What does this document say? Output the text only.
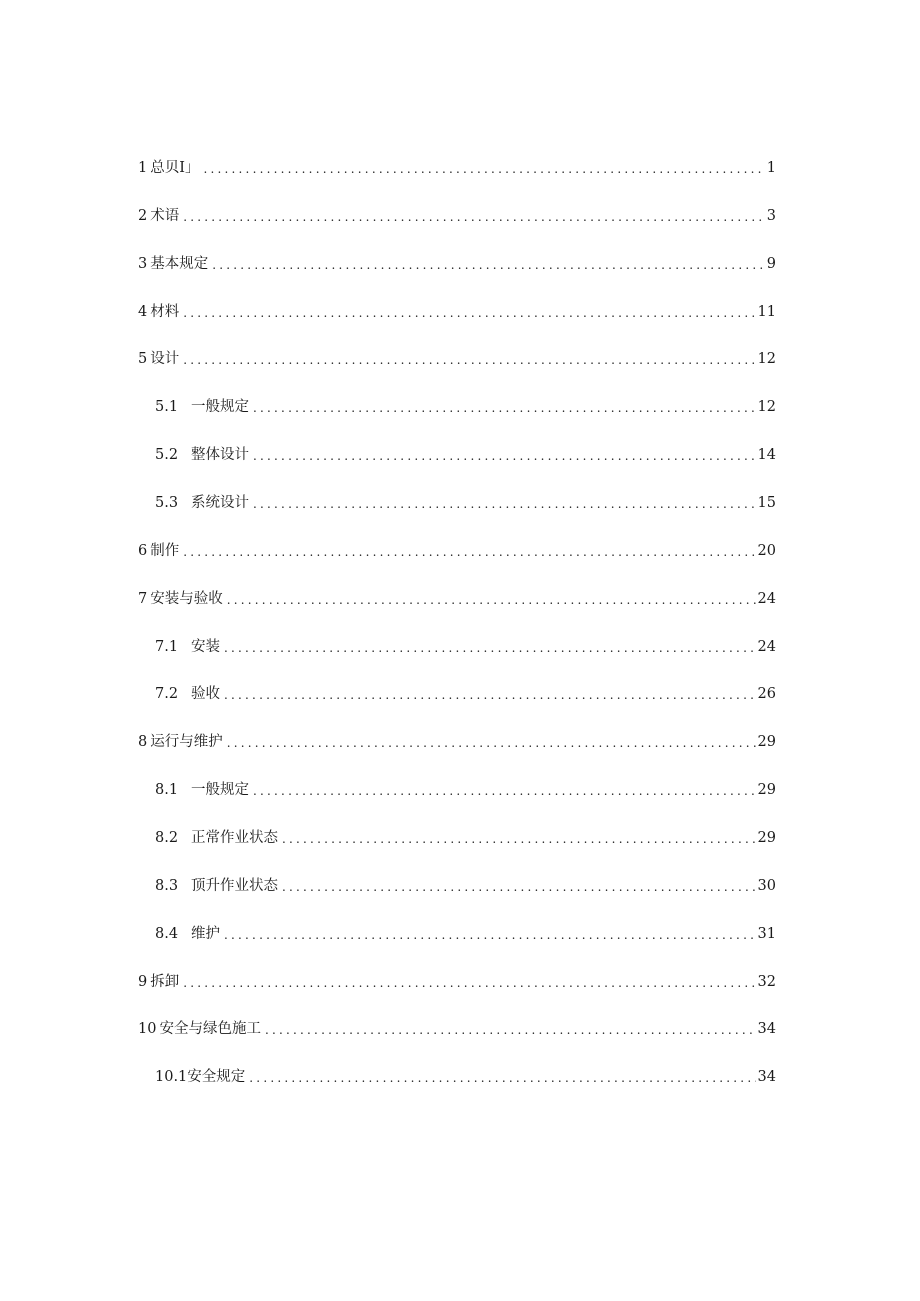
1 总贝I」 .....	1
2 术语 .....	3
3 基本规定 .....	9
4 材料 .....	11
5 设计 .....	12
5.1 一般规定 .....	12
5.2 整体设计 .....	14
5.3 系统设计 .....	15
6 制作 .....	20
7 安装与验收 .....	24
7.1 安装 .....	24
7.2 验收 .....	26
8 运行与维护 .....	29
8.1 一般规定 .....	29
8.2 正常作业状态 .....	29
8.3 顶升作业状态 .....	30
8.4 维护 .....	31
9 拆卸 .....	32
10 安全与绿色施工 .....	34
10.1 安全规定 .....	34
